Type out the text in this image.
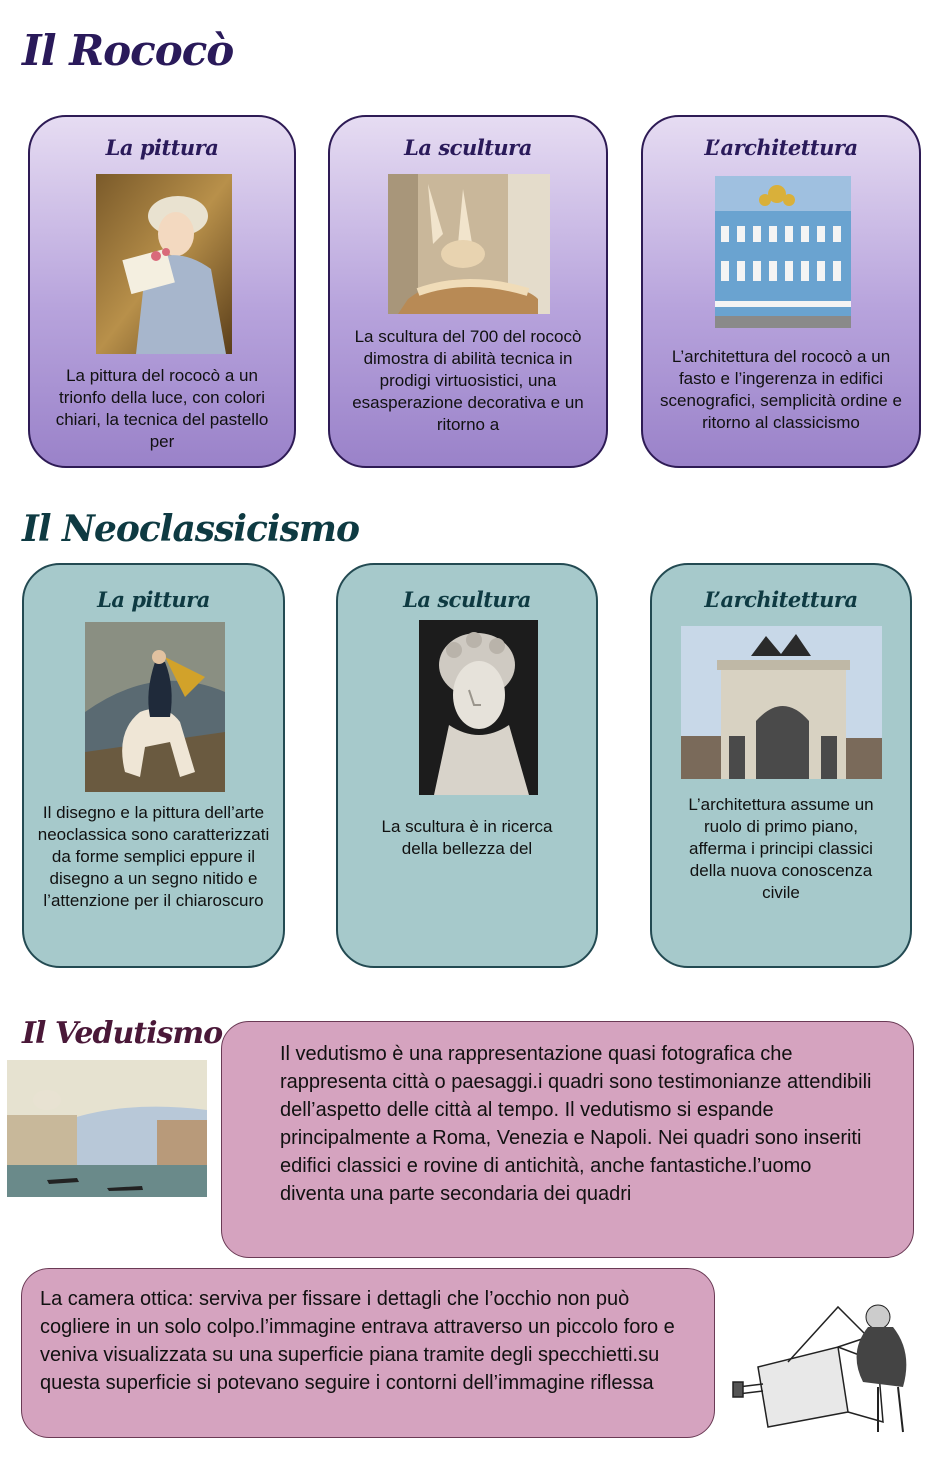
Il Rococò
La pittura
La pittura del rococò a un trionfo della luce, con colori chiari, la tecnica del pastello per
La scultura
La scultura del 700 del rococò dimostra di abilità tecnica in prodigi virtuosistici, una esasperazione decorativa e un ritorno a
L’architettura
L’architettura del rococò a un fasto e l’ingerenza in edifici scenografici, semplicità ordine e ritorno al classicismo
Il Neoclassicismo
La pittura
Il disegno e la pittura dell’arte neoclassica sono caratterizzati da forme semplici eppure il disegno a un segno nitido e l’attenzione per il chiaroscuro
La scultura
La scultura è in ricerca della bellezza del
L’architettura
L’architettura assume un ruolo di primo piano, afferma i principi classici della nuova conoscenza civile
Il Vedutismo
Il vedutismo è una rappresentazione quasi fotografica che rappresenta città o paesaggi.i quadri sono testimonianze attendibili dell’aspetto delle città al tempo. Il vedutismo si espande principalmente a Roma, Venezia e Napoli. Nei quadri sono inseriti edifici classici e rovine di antichità, anche fantastiche.l’uomo diventa una parte secondaria dei quadri
La camera ottica: serviva per fissare i dettagli che l’occhio non può cogliere in un solo colpo.l’immagine entrava attraverso un piccolo foro e veniva visualizzata su una superficie piana tramite degli specchietti.su questa superficie si potevano seguire i contorni dell’immagine riflessa
